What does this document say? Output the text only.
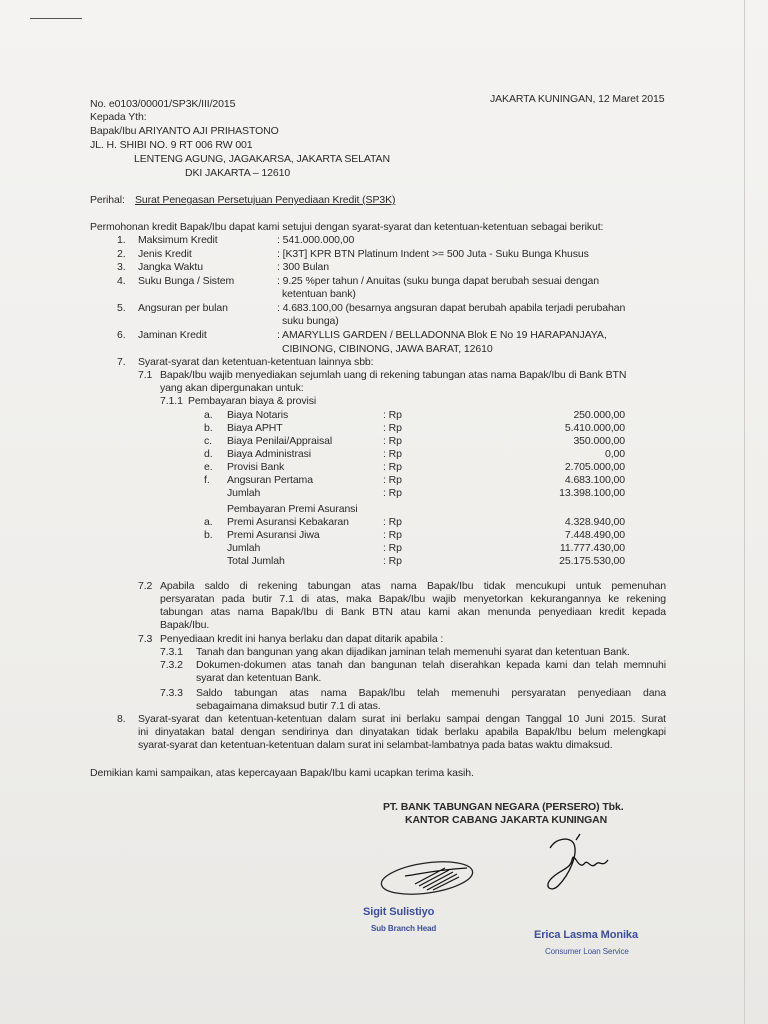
JAKARTA KUNINGAN, 12 Maret 2015
No. e0103/00001/SP3K/III/2015
Kepada Yth:
Bapak/Ibu ARIYANTO AJI PRIHASTONO
JL. H. SHIBI NO. 9 RT 006 RW 001
LENTENG AGUNG, JAGAKARSA, JAKARTA SELATAN
DKI JAKARTA – 12610
Perihal: Surat Penegasan Persetujuan Penyediaan Kredit (SP3K)
Permohonan kredit Bapak/Ibu dapat kami setujui dengan syarat-syarat dan ketentuan-ketentuan sebagai berikut:
1. Maksimum Kredit	: 541.000.000,00
2. Jenis Kredit	: [K3T] KPR BTN Platinum Indent >= 500 Juta - Suku Bunga Khusus
3. Jangka Waktu	: 300 Bulan
4. Suku Bunga / Sistem	: 9.25 %per tahun / Anuitas (suku bunga dapat berubah sesuai dengan
ketentuan bank)
5. Angsuran per bulan	: 4.683.100,00 (besarnya angsuran dapat berubah apabila terjadi perubahan
suku bunga)
6. Jaminan Kredit	: AMARYLLIS GARDEN / BELLADONNA Blok E No 19 HARAPANJAYA,
CIBINONG, CIBINONG, JAWA BARAT, 12610
7. Syarat-syarat dan ketentuan-ketentuan lainnya sbb:
7.1 Bapak/Ibu wajib menyediakan sejumlah uang di rekening tabungan atas nama Bapak/Ibu di Bank BTN
yang akan dipergunakan untuk:
7.1.1 Pembayaran biaya & provisi
a. Biaya Notaris	: Rp	250.000,00
b. Biaya APHT	: Rp	5.410.000,00
c. Biaya Penilai/Appraisal	: Rp	350.000,00
d. Biaya Administrasi	: Rp	0,00
e. Provisi Bank	: Rp	2.705.000,00
f. Angsuran Pertama	: Rp	4.683.100,00
Jumlah	: Rp	13.398.100,00
Pembayaran Premi Asuransi
a. Premi Asuransi Kebakaran	: Rp	4.328.940,00
b. Premi Asuransi Jiwa	: Rp	7.448.490,00
Jumlah	: Rp	11.777.430,00
Total Jumlah	: Rp	25.175.530,00
7.2 Apabila saldo di rekening tabungan atas nama Bapak/Ibu tidak mencukupi untuk pemenuhan
persyaratan pada butir 7.1 di atas, maka Bapak/Ibu wajib menyetorkan kekurangannya ke rekening
tabungan atas nama Bapak/Ibu di Bank BTN atau kami akan menunda penyediaan kredit kepada
Bapak/Ibu.
7.3 Penyediaan kredit ini hanya berlaku dan dapat ditarik apabila :
7.3.1 Tanah dan bangunan yang akan dijadikan jaminan telah memenuhi syarat dan ketentuan Bank.
7.3.2 Dokumen-dokumen atas tanah dan bangunan telah diserahkan kepada kami dan telah memnuhi
syarat dan ketentuan Bank.
7.3.3 Saldo tabungan atas nama Bapak/Ibu telah memenuhi persyaratan penyediaan dana
sebagaimana dimaksud butir 7.1 di atas.
8. Syarat-syarat dan ketentuan-ketentuan dalam surat ini berlaku sampai dengan Tanggal 10 Juni 2015. Surat
ini dinyatakan batal dengan sendirinya dan dinyatakan tidak berlaku apabila Bapak/Ibu belum melengkapi
syarat-syarat dan ketentuan-ketentuan dalam surat ini selambat-lambatnya pada batas waktu dimaksud.
Demikian kami sampaikan, atas kepercayaan Bapak/Ibu kami ucapkan terima kasih.
PT. BANK TABUNGAN NEGARA (PERSERO) Tbk.
KANTOR CABANG JAKARTA KUNINGAN
Sigit Sulistiyo
Sub Branch Head
Erica Lasma Monika
Consumer Loan Service
